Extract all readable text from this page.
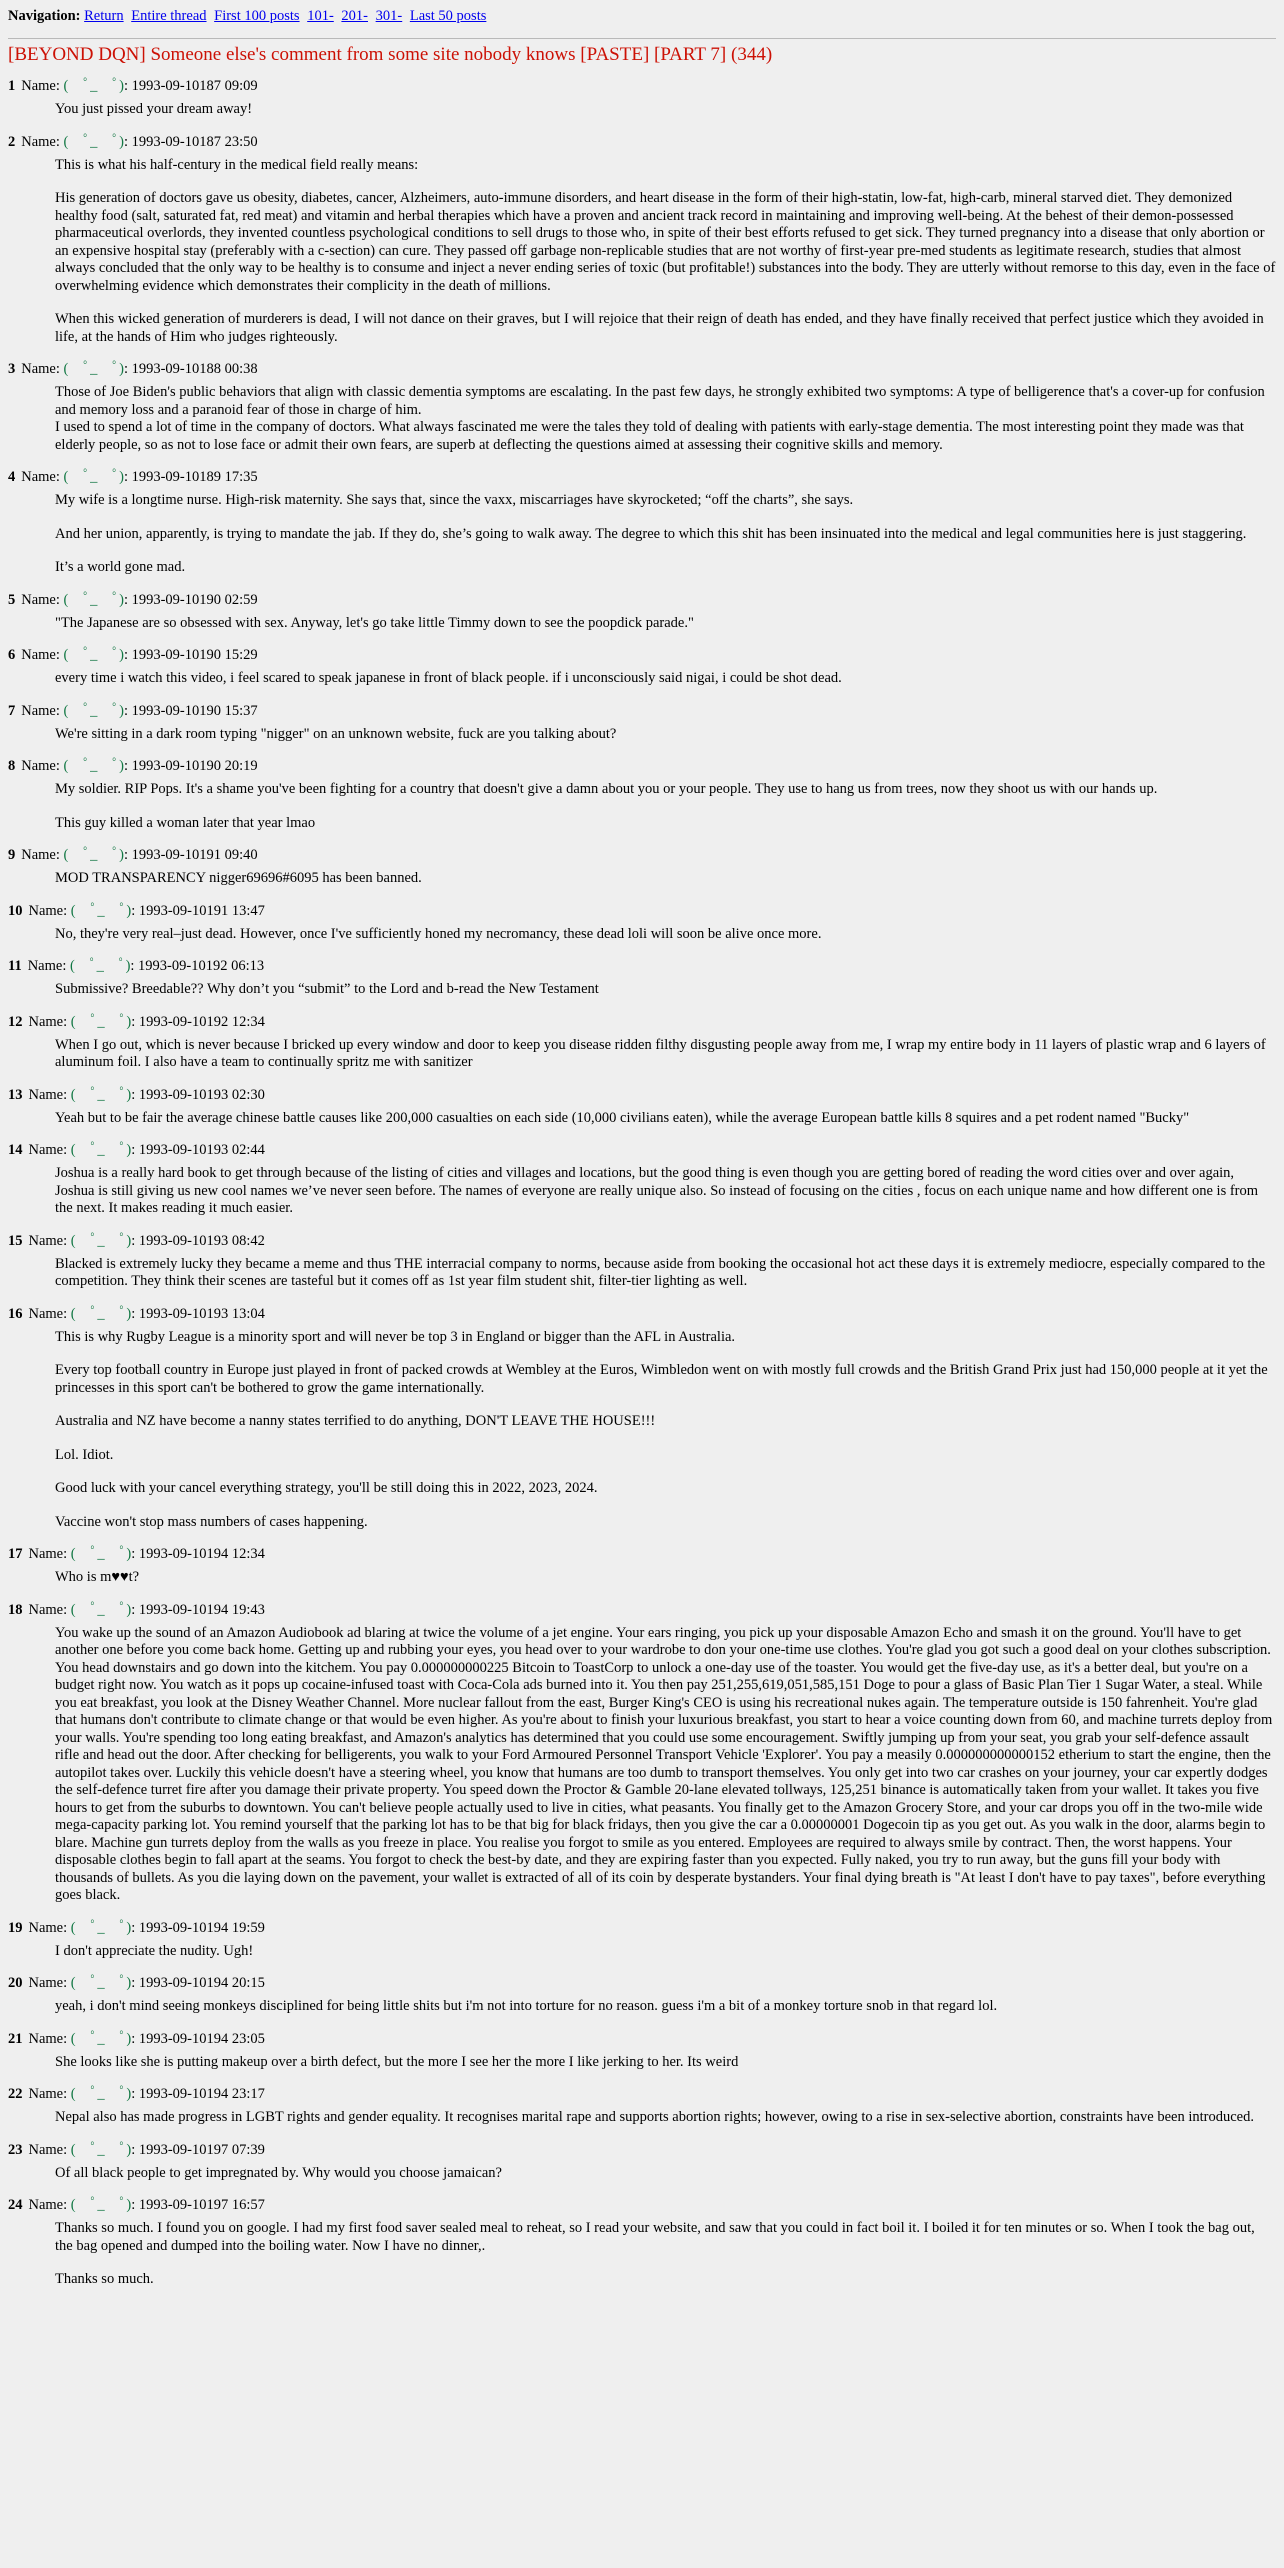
Navigation: Return Entire thread First 100 posts 101- 201- 301- Last 50 posts
[BEYOND DQN] Someone else's comment from some site nobody knows [PASTE] [PART 7] (344)
1 Name: (　ﾟ_　ﾟ): 1993-09-10187 09:09

You just pissed your dream away!

2 Name: (　ﾟ_　ﾟ): 1993-09-10187 23:50

This is what his half-century in the medical field really means:

His generation of doctors gave us obesity, diabetes, cancer, Alzheimers, auto-immune disorders, and heart disease in the form of their high-statin, low-fat, high-carb, mineral starved diet. They demonized healthy food (salt, saturated fat, red meat) and vitamin and herbal therapies which have a proven and ancient track record in maintaining and improving well-being. At the behest of their demon-possessed pharmaceutical overlords, they invented countless psychological conditions to sell drugs to those who, in spite of their best efforts refused to get sick. They turned pregnancy into a disease that only abortion or an expensive hospital stay (preferably with a c-section) can cure. They passed off garbage non-replicable studies that are not worthy of first-year pre-med students as legitimate research, studies that almost always concluded that the only way to be healthy is to consume and inject a never ending series of toxic (but profitable!) substances into the body. They are utterly without remorse to this day, even in the face of overwhelming evidence which demonstrates their complicity in the death of millions.

When this wicked generation of murderers is dead, I will not dance on their graves, but I will rejoice that their reign of death has ended, and they have finally received that perfect justice which they avoided in life, at the hands of Him who judges righteously.

3 Name: (　ﾟ_　ﾟ): 1993-09-10188 00:38

Those of Joe Biden's public behaviors that align with classic dementia symptoms are escalating. In the past few days, he strongly exhibited two symptoms: A type of belligerence that's a cover-up for confusion and memory loss and a paranoid fear of those in charge of him.

I used to spend a lot of time in the company of doctors. What always fascinated me were the tales they told of dealing with patients with early-stage dementia. The most interesting point they made was that elderly people, so as not to lose face or admit their own fears, are superb at deflecting the questions aimed at assessing their cognitive skills and memory.

4 Name: (　ﾟ_　ﾟ): 1993-09-10189 17:35

My wife is a longtime nurse. High-risk maternity. She says that, since the vaxx, miscarriages have skyrocketed; “off the charts”, she says.

And her union, apparently, is trying to mandate the jab. If they do, she’s going to walk away. The degree to which this shit has been insinuated into the medical and legal communities here is just staggering.

It’s a world gone mad.

5 Name: (　ﾟ_　ﾟ): 1993-09-10190 02:59

"The Japanese are so obsessed with sex. Anyway, let's go take little Timmy down to see the poopdick parade."

6 Name: (　ﾟ_　ﾟ): 1993-09-10190 15:29

every time i watch this video, i feel scared to speak japanese in front of black people. if i unconsciously said nigai, i could be shot dead.

7 Name: (　ﾟ_　ﾟ): 1993-09-10190 15:37

We're sitting in a dark room typing "nigger" on an unknown website, fuck are you talking about?

8 Name: (　ﾟ_　ﾟ): 1993-09-10190 20:19

My soldier. RIP Pops. It's a shame you've been fighting for a country that doesn't give a damn about you or your people. They use to hang us from trees, now they shoot us with our hands up.

This guy killed a woman later that year lmao

9 Name: (　ﾟ_　ﾟ): 1993-09-10191 09:40

MOD TRANSPARENCY nigger69696#6095 has been banned.

10 Name: (　ﾟ_　ﾟ): 1993-09-10191 13:47

No, they're very real–just dead. However, once I've sufficiently honed my necromancy, these dead loli will soon be alive once more.

11 Name: (　ﾟ_　ﾟ): 1993-09-10192 06:13

Submissive? Breedable?? Why don’t you “submit” to the Lord and b-read the New Testament

12 Name: (　ﾟ_　ﾟ): 1993-09-10192 12:34

When I go out, which is never because I bricked up every window and door to keep you disease ridden filthy disgusting people away from me, I wrap my entire body in 11 layers of plastic wrap and 6 layers of aluminum foil. I also have a team to continually spritz me with sanitizer

13 Name: (　ﾟ_　ﾟ): 1993-09-10193 02:30

Yeah but to be fair the average chinese battle causes like 200,000 casualties on each side (10,000 civilians eaten), while the average European battle kills 8 squires and a pet rodent named "Bucky"

14 Name: (　ﾟ_　ﾟ): 1993-09-10193 02:44

Joshua is a really hard book to get through because of the listing of cities and villages and locations, but the good thing is even though you are getting bored of reading the word cities over and over again, Joshua is still giving us new cool names we’ve never seen before. The names of everyone are really unique also. So instead of focusing on the cities , focus on each unique name and how different one is from the next. It makes reading it much easier.

15 Name: (　ﾟ_　ﾟ): 1993-09-10193 08:42

Blacked is extremely lucky they became a meme and thus THE interracial company to norms, because aside from booking the occasional hot act these days it is extremely mediocre, especially compared to the competition. They think their scenes are tasteful but it comes off as 1st year film student shit, filter-tier lighting as well.

16 Name: (　ﾟ_　ﾟ): 1993-09-10193 13:04

This is why Rugby League is a minority sport and will never be top 3 in England or bigger than the AFL in Australia.

Every top football country in Europe just played in front of packed crowds at Wembley at the Euros, Wimbledon went on with mostly full crowds and the British Grand Prix just had 150,000 people at it yet the princesses in this sport can't be bothered to grow the game internationally.

Australia and NZ have become a nanny states terrified to do anything, DON'T LEAVE THE HOUSE!!!

Lol. Idiot.

Good luck with your cancel everything strategy, you'll be still doing this in 2022, 2023, 2024.

Vaccine won't stop mass numbers of cases happening.

17 Name: (　ﾟ_　ﾟ): 1993-09-10194 12:34

Who is m♥♥t?

18 Name: (　ﾟ_　ﾟ): 1993-09-10194 19:43

You wake up the sound of an Amazon Audiobook ad blaring at twice the volume of a jet engine. Your ears ringing, you pick up your disposable Amazon Echo and smash it on the ground. You'll have to get another one before you come back home. Getting up and rubbing your eyes, you head over to your wardrobe to don your one-time use clothes. You're glad you got such a good deal on your clothes subscription. You head downstairs and go down into the kitchem. You pay 0.000000000225 Bitcoin to ToastCorp to unlock a one-day use of the toaster. You would get the five-day use, as it's a better deal, but you're on a budget right now. You watch as it pops up cocaine-infused toast with Coca-Cola ads burned into it. You then pay 251,255,619,051,585,151 Doge to pour a glass of Basic Plan Tier 1 Sugar Water, a steal. While you eat breakfast, you look at the Disney Weather Channel. More nuclear fallout from the east, Burger King's CEO is using his recreational nukes again. The temperature outside is 150 fahrenheit. You're glad that humans don't contribute to climate change or that would be even higher. As you're about to finish your luxurious breakfast, you start to hear a voice counting down from 60, and machine turrets deploy from your walls. You're spending too long eating breakfast, and Amazon's analytics has determined that you could use some encouragement. Swiftly jumping up from your seat, you grab your self-defence assault rifle and head out the door. After checking for belligerents, you walk to your Ford Armoured Personnel Transport Vehicle 'Explorer'. You pay a measily 0.000000000000152 etherium to start the engine, then the autopilot takes over. Luckily this vehicle doesn't have a steering wheel, you know that humans are too dumb to transport themselves. You only get into two car crashes on your journey, your car expertly dodges the self-defence turret fire after you damage their private property. You speed down the Proctor & Gamble 20-lane elevated tollways, 125,251 binance is automatically taken from your wallet. It takes you five hours to get from the suburbs to downtown. You can't believe people actually used to live in cities, what peasants. You finally get to the Amazon Grocery Store, and your car drops you off in the two-mile wide mega-capacity parking lot. You remind yourself that the parking lot has to be that big for black fridays, then you give the car a 0.00000001 Dogecoin tip as you get out. As you walk in the door, alarms begin to blare. Machine gun turrets deploy from the walls as you freeze in place. You realise you forgot to smile as you entered. Employees are required to always smile by contract. Then, the worst happens. Your disposable clothes begin to fall apart at the seams. You forgot to check the best-by date, and they are expiring faster than you expected. Fully naked, you try to run away, but the guns fill your body with thousands of bullets. As you die laying down on the pavement, your wallet is extracted of all of its coin by desperate bystanders. Your final dying breath is "At least I don't have to pay taxes", before everything goes black.

19 Name: (　ﾟ_　ﾟ): 1993-09-10194 19:59

I don't appreciate the nudity. Ugh!

20 Name: (　ﾟ_　ﾟ): 1993-09-10194 20:15

yeah, i don't mind seeing monkeys disciplined for being little shits but i'm not into torture for no reason. guess i'm a bit of a monkey torture snob in that regard lol.

21 Name: (　ﾟ_　ﾟ): 1993-09-10194 23:05

She looks like she is putting makeup over a birth defect, but the more I see her the more I like jerking to her. Its weird

22 Name: (　ﾟ_　ﾟ): 1993-09-10194 23:17

Nepal also has made progress in LGBT rights and gender equality. It recognises marital rape and supports abortion rights; however, owing to a rise in sex-selective abortion, constraints have been introduced.

23 Name: (　ﾟ_　ﾟ): 1993-09-10197 07:39

Of all black people to get impregnated by. Why would you choose jamaican?

24 Name: (　ﾟ_　ﾟ): 1993-09-10197 16:57

Thanks so much. I found you on google. I had my first food saver sealed meal to reheat, so I read your website, and saw that you could in fact boil it. I boiled it for ten minutes or so. When I took the bag out, the bag opened and dumped into the boiling water. Now I have no dinner,.

Thanks so much.
